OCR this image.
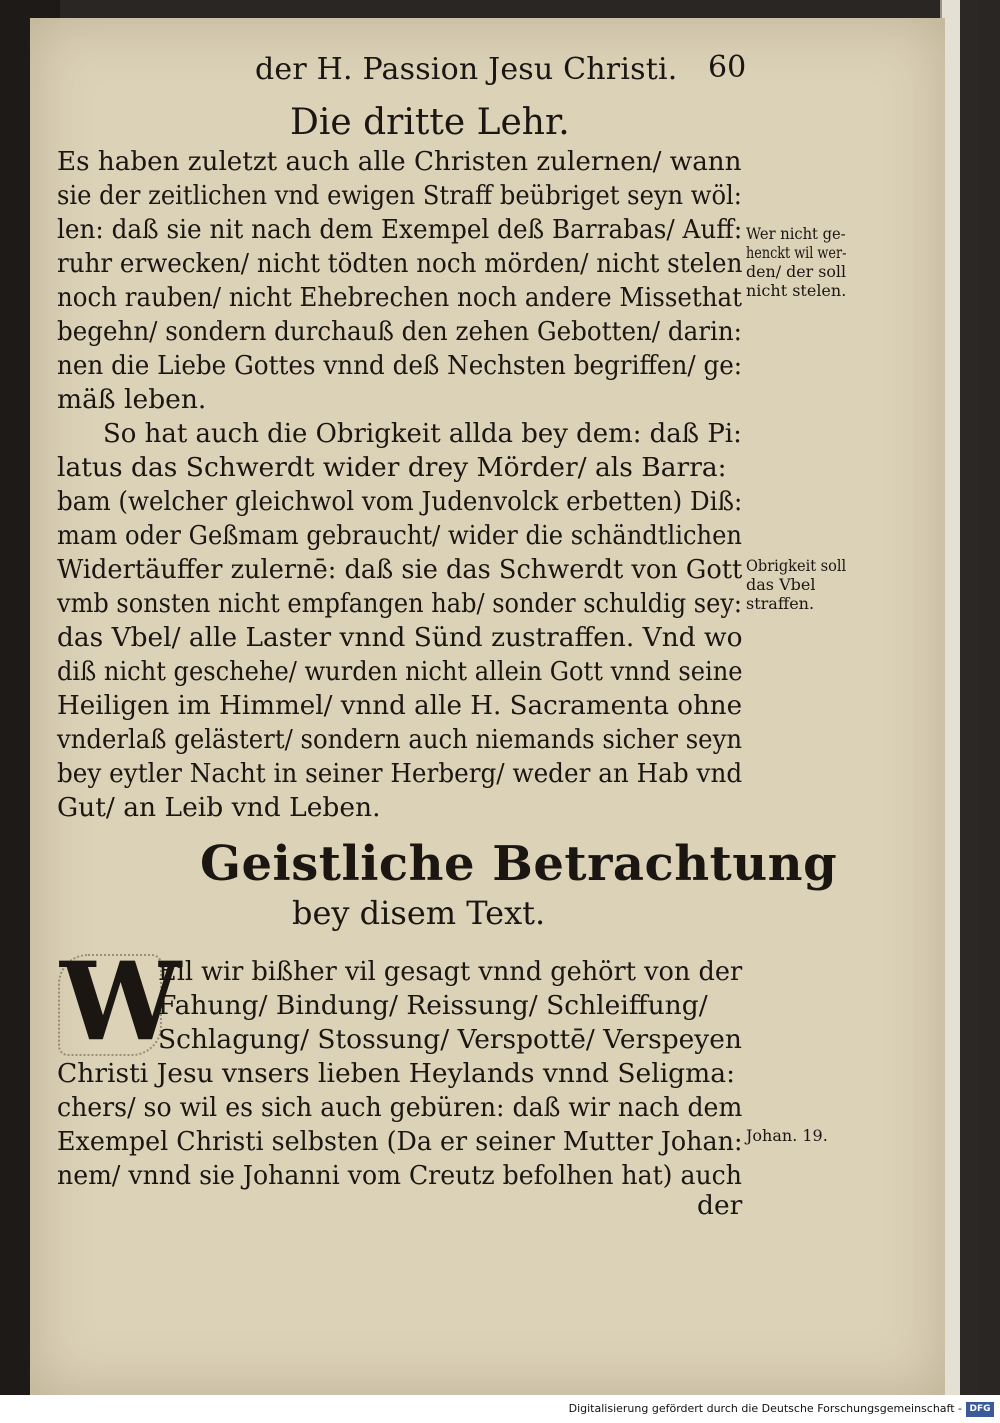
der H. Passion Jesu Christi. 60
Die dritte Lehr.
Es haben zuletzt auch alle Christen zulernen/ wann
sie der zeitlichen vnd ewigen Straff beübriget seyn wöl:
len: daß sie nit nach dem Exempel deß Barrabas/ Auff:
ruhr erwecken/ nicht tödten noch mörden/ nicht stelen
noch rauben/ nicht Ehebrechen noch andere Missethat
begehn/ sondern durchauß den zehen Gebotten/ darin:
nen die Liebe Gottes vnnd deß Nechsten begriffen/ ge:
mäß leben.
So hat auch die Obrigkeit allda bey dem: daß Pi:
latus das Schwerdt wider drey Mörder/ als Barra:
bam (welcher gleichwol vom Judenvolck erbetten) Diß:
mam oder Geßmam gebraucht/ wider die schändtlichen
Widertäuffer zulernē: daß sie das Schwerdt von Gott
vmb sonsten nicht empfangen hab/ sonder schuldig sey:
das Vbel/ alle Laster vnnd Sünd zustraffen. Vnd wo
diß nicht geschehe/ wurden nicht allein Gott vnnd seine
Heiligen im Himmel/ vnnd alle H. Sacramenta ohne
vnderlaß gelästert/ sondern auch niemands sicher seyn
bey eytler Nacht in seiner Herberg/ weder an Hab vnd
Gut/ an Leib vnd Leben.
Wer nicht ge-
henckt wil wer-
den/ der soll
nicht stelen.
Obrigkeit soll
das Vbel
straffen.
Johan. 19.
Geistliche Betrachtung
bey disem Text.
W
Eil wir bißher vil gesagt vnnd gehört von der
Fahung/ Bindung/ Reissung/ Schleiffung/
Schlagung/ Stossung/ Verspottē/ Verspeyen
Christi Jesu vnsers lieben Heylands vnnd Seligma:
chers/ so wil es sich auch gebüren: daß wir nach dem
Exempel Christi selbsten (Da er seiner Mutter Johan:
nem/ vnnd sie Johanni vom Creutz befolhen hat) auch
der
Digitalisierung gefördert durch die Deutsche Forschungsgemeinschaft - DFG
